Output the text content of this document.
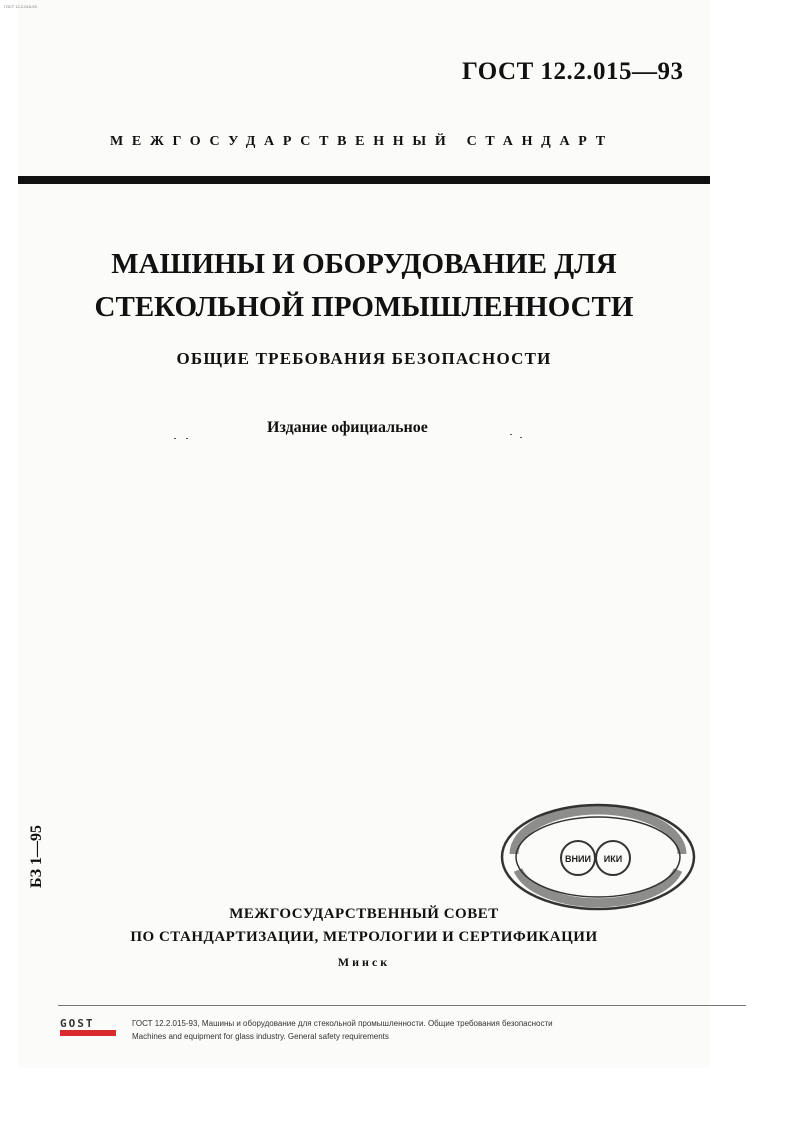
ГОСТ 12.2.015-93
ГОСТ 12.2.015—93
МЕЖГОСУДАРСТВЕННЫЙ СТАНДАРТ
МАШИНЫ И ОБОРУДОВАНИЕ ДЛЯ
СТЕКОЛЬНОЙ ПРОМЫШЛЕННОСТИ
ОБЩИЕ ТРЕБОВАНИЯ БЕЗОПАСНОСТИ
Издание официальное
БЗ 1—95	ВНИИ ИКИ
МЕЖГОСУДАРСТВЕННЫЙ СОВЕТ
ПО СТАНДАРТИЗАЦИИ, МЕТРОЛОГИИ И СЕРТИФИКАЦИИ
Минск
GOST	ГОСТ 12.2.015-93, Машины и оборудование для стекольной промышленности. Общие требования безопасности
Machines and equipment for glass industry. General safety requirements
